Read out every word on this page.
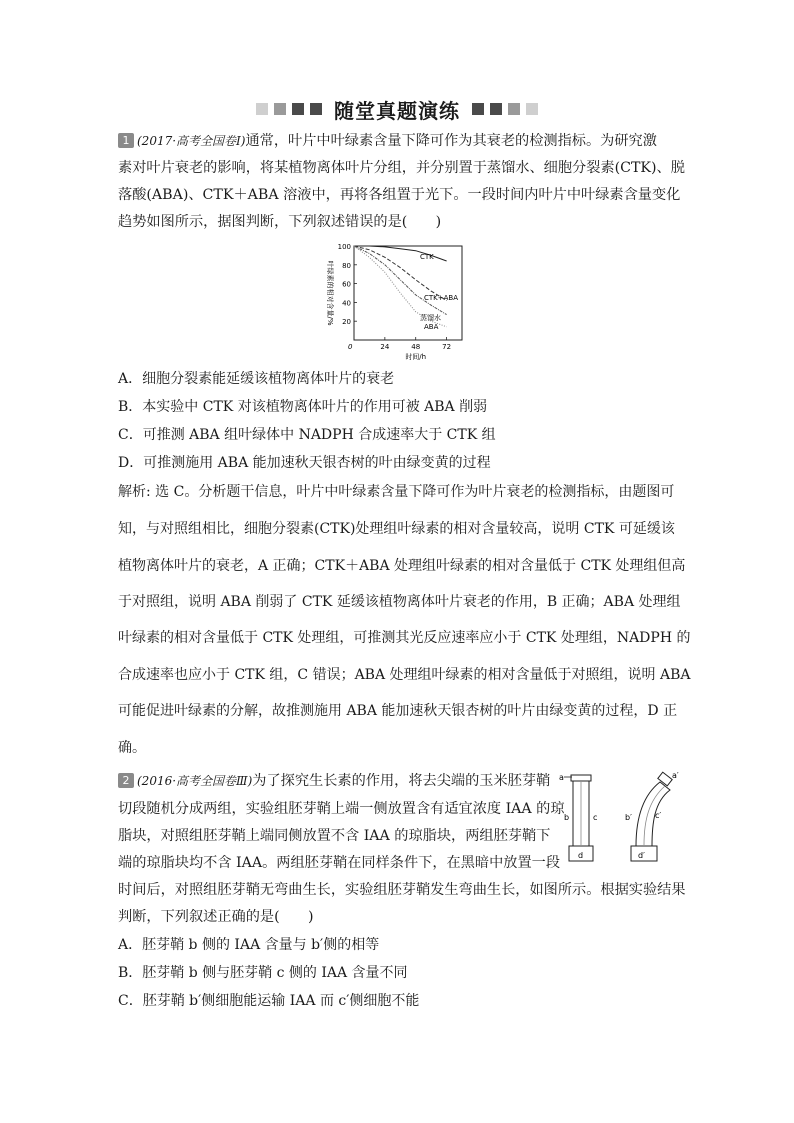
随堂真题演练
1 (2017·高考全国卷Ⅰ)通常，叶片中叶绿素含量下降可作为其衰老的检测指标。为研究激
素对叶片衰老的影响，将某植物离体叶片分组，并分别置于蒸馏水、细胞分裂素(CTK)、脱
落酸(ABA)、CTK＋ABA 溶液中，再将各组置于光下。一段时间内叶片中叶绿素含量变化
趋势如图所示，据图判断，下列叙述错误的是(　　)
20
40
60
80
100
24	48	72
0
时间/h
叶绿素的相对含量/%
CTK
CTK+ABA
蒸馏水
ABA
A．细胞分裂素能延缓该植物离体叶片的衰老
B．本实验中 CTK 对该植物离体叶片的作用可被 ABA 削弱
C．可推测 ABA 组叶绿体中 NADPH 合成速率大于 CTK 组
D．可推测施用 ABA 能加速秋天银杏树的叶由绿变黄的过程
解析: 选 C。分析题干信息，叶片中叶绿素含量下降可作为叶片衰老的检测指标，由题图可
知，与对照组相比，细胞分裂素(CTK)处理组叶绿素的相对含量较高，说明 CTK 可延缓该
植物离体叶片的衰老，A 正确；CTK＋ABA 处理组叶绿素的相对含量低于 CTK 处理组但高
于对照组，说明 ABA 削弱了 CTK 延缓该植物离体叶片衰老的作用，B 正确；ABA 处理组
叶绿素的相对含量低于 CTK 处理组，可推测其光反应速率应小于 CTK 处理组，NADPH 的
合成速率也应小于 CTK 组，C 错误；ABA 处理组叶绿素的相对含量低于对照组，说明 ABA
可能促进叶绿素的分解，故推测施用 ABA 能加速秋天银杏树的叶片由绿变黄的过程，D 正
确。
2 (2016·高考全国卷Ⅲ)为了探究生长素的作用，将去尖端的玉米胚芽鞘
切段随机分成两组，实验组胚芽鞘上端一侧放置含有适宜浓度 IAA 的琼
脂块，对照组胚芽鞘上端同侧放置不含 IAA 的琼脂块，两组胚芽鞘下
端的琼脂块均不含 IAA。两组胚芽鞘在同样条件下，在黑暗中放置一段
时间后，对照组胚芽鞘无弯曲生长，实验组胚芽鞘发生弯曲生长，如图所示。根据实验结果
判断，下列叙述正确的是(　　)
a
b	c
d
a′
b′	c′
d′
A．胚芽鞘 b 侧的 IAA 含量与 b′侧的相等
B．胚芽鞘 b 侧与胚芽鞘 c 侧的 IAA 含量不同
C．胚芽鞘 b′侧细胞能运输 IAA 而 c′侧细胞不能
